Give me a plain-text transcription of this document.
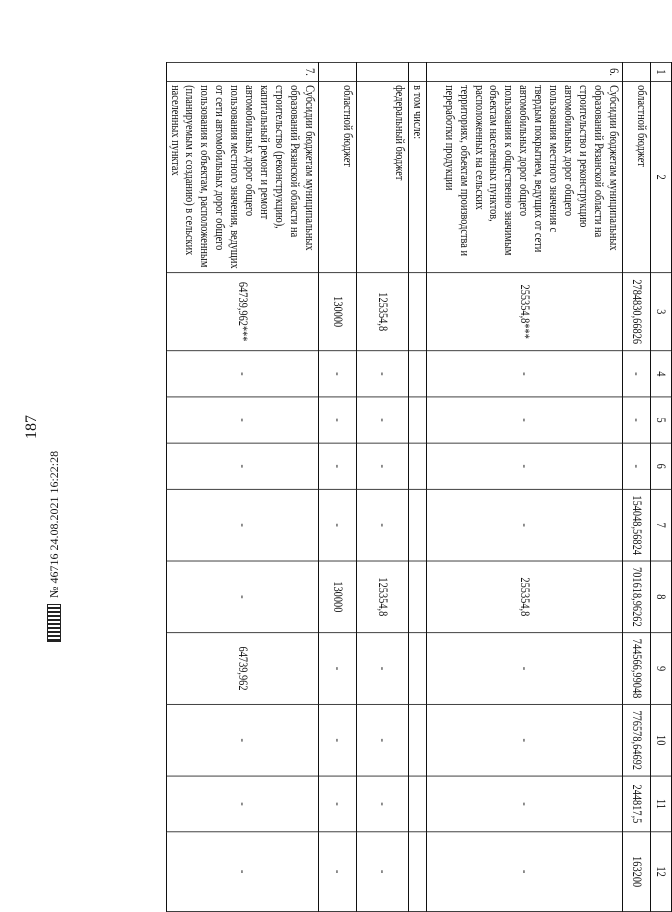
187
№ 46716 24.08.2021 16:22:28
1	2	3	4	5	6	7	8	9	10	11	12
	областной бюджет	2784830,66826	-	-	-	154048,56824	701618,96262	744566,99048	776578,64692	244817,5	163200
6.	Субсидии бюджетам муниципальных образований Рязанской области на строительство и реконструкцию автомобильных дорог общего пользования местного значения с твердым покрытием, ведущих от сети автомобильных дорог общего пользования к общественно значимым объектам населенных пунктов, расположенных на сельских территориях, объектам производства и переработки продукции	255354,8***	-	-	-	-	255354,8	-	-	-	-
	в том числе:										
	федеральный бюджет	125354,8	-	-	-	-	125354,8	-	-	-	-
	областной бюджет	130000	-	-	-	-	130000	-	-	-	-
7.	Субсидии бюджетам муниципальных образований Рязанской области на строительство (реконструкцию), капитальный ремонт и ремонт автомобильных дорог общего пользования местного значения, ведущих от сети автомобильных дорог общего пользования к объектам, расположенным (планируемым к созданию) в сельских населенных пунктах	64739,962***	-	-	-	-	-	64739,962	-	-	-
